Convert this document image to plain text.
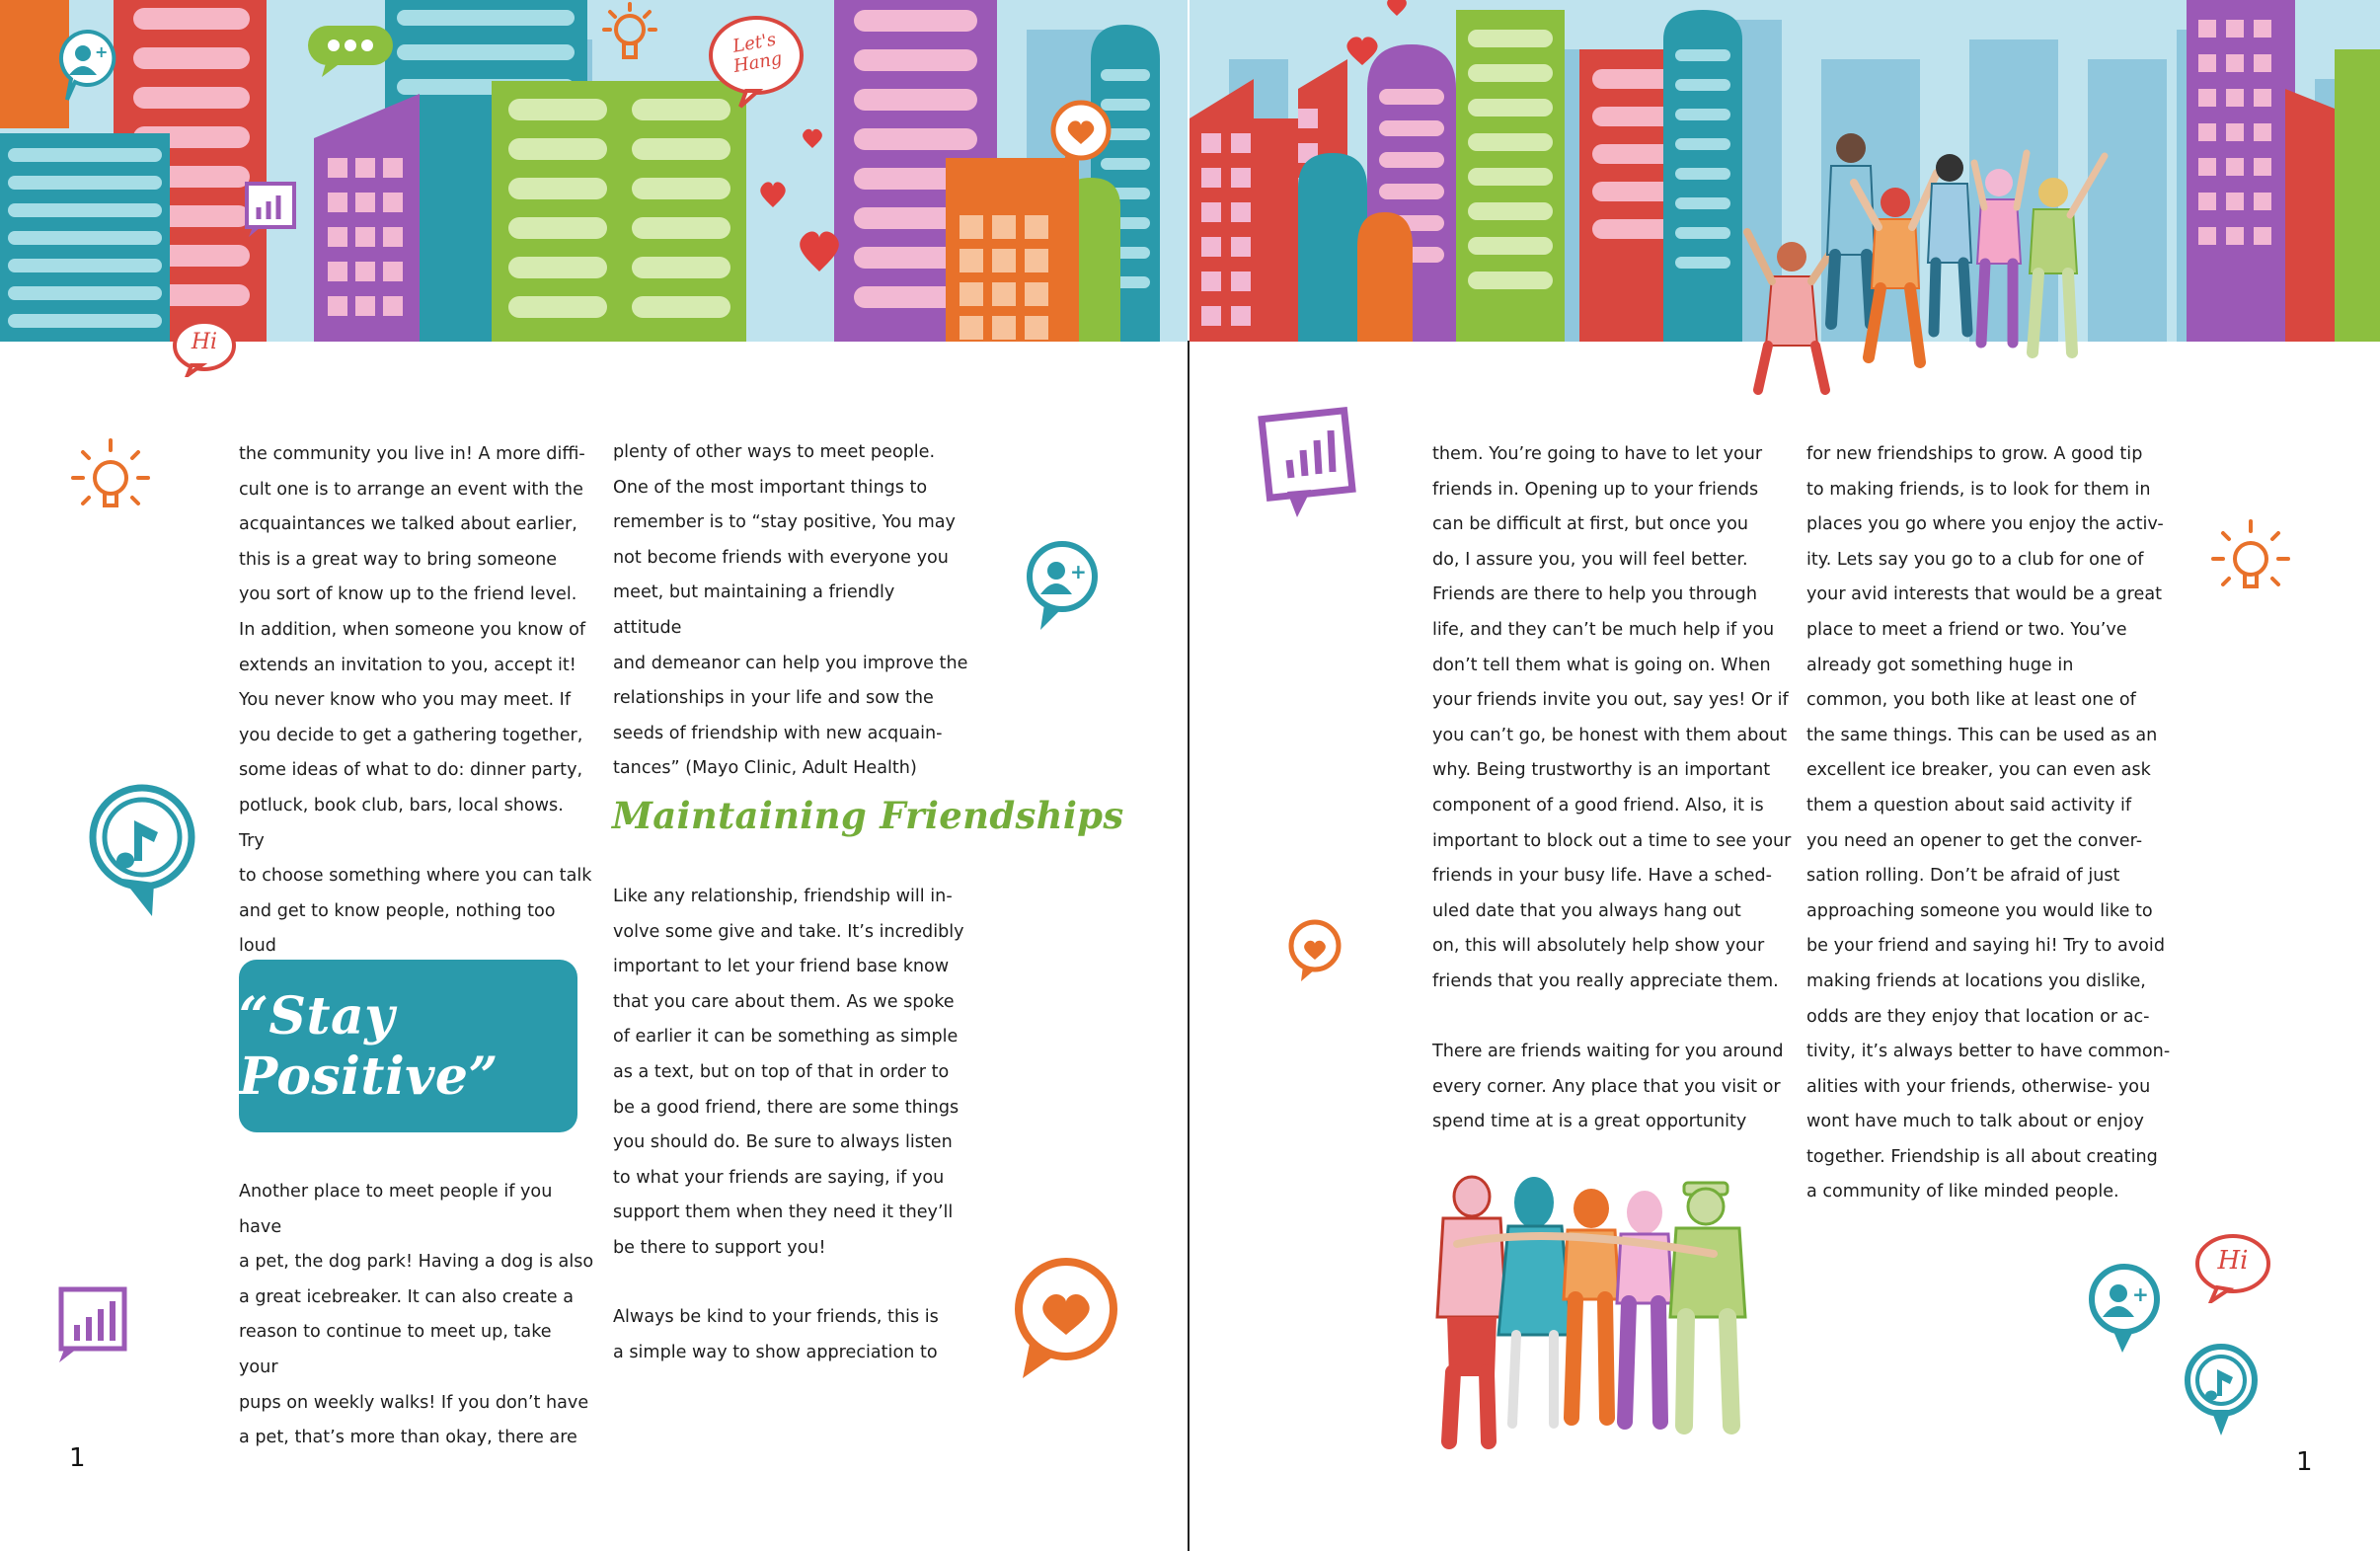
+	Let's Hang
Hi
+

the community you live in! A more diffi-
cult one is to arrange an event with the
acquaintances we talked about earlier,
this is a great way to bring someone
you sort of know up to the friend level.
In addition, when someone you know of
extends an invitation to you, accept it!
You never know who you may meet. If
you decide to get a gathering together,
some ideas of what to do: dinner party,
potluck, book club, bars, local shows. Try
to choose something where you can talk
and get to know people, nothing too loud

“Stay Positive”

Another place to meet people if you have
a pet, the dog park! Having a dog is also
a great icebreaker. It can also create a
reason to continue to meet up, take your
pups on weekly walks! If you don’t have
a pet, that’s more than okay, there are

plenty of other ways to meet people.
One of the most important things to
remember is to “stay positive, You may
not become friends with everyone you
meet, but maintaining a friendly attitude
and demeanor can help you improve the
relationships in your life and sow the
seeds of friendship with new acquain-
tances” (Mayo Clinic, Adult Health)

Maintaining Friendships

Like any relationship, friendship will in-
volve some give and take. It’s incredibly
important to let your friend base know
that you care about them. As we spoke
of earlier it can be something as simple
as a text, but on top of that in order to
be a good friend, there are some things
you should do. Be sure to always listen
to what your friends are saying, if you
support them when they need it they’ll
be there to support you!

Always be kind to your friends, this is
a simple way to show appreciation to

1
Hi
+

them. You’re going to have to let your
friends in. Opening up to your friends
can be difficult at first, but once you
do, I assure you, you will feel better.
Friends are there to help you through
life, and they can’t be much help if you
don’t tell them what is going on. When
your friends invite you out, say yes! Or if
you can’t go, be honest with them about
why. Being trustworthy is an important
component of a good friend. Also, it is
important to block out a time to see your
friends in your busy life. Have a sched-
uled date that you always hang out
on, this will absolutely help show your
friends that you really appreciate them.

There are friends waiting for you around
every corner. Any place that you visit or
spend time at is a great opportunity

for new friendships to grow. A good tip
to making friends, is to look for them in
places you go where you enjoy the activ-
ity. Lets say you go to a club for one of
your avid interests that would be a great
place to meet a friend or two. You’ve
already got something huge in
common, you both like at least one of
the same things. This can be used as an
excellent ice breaker, you can even ask
them a question about said activity if
you need an opener to get the conver-
sation rolling. Don’t be afraid of just
approaching someone you would like to
be your friend and saying hi! Try to avoid
making friends at locations you dislike,
odds are they enjoy that location or ac-
tivity, it’s always better to have common-
alities with your friends, otherwise- you
wont have much to talk about or enjoy
together. Friendship is all about creating
a community of like minded people.

1
